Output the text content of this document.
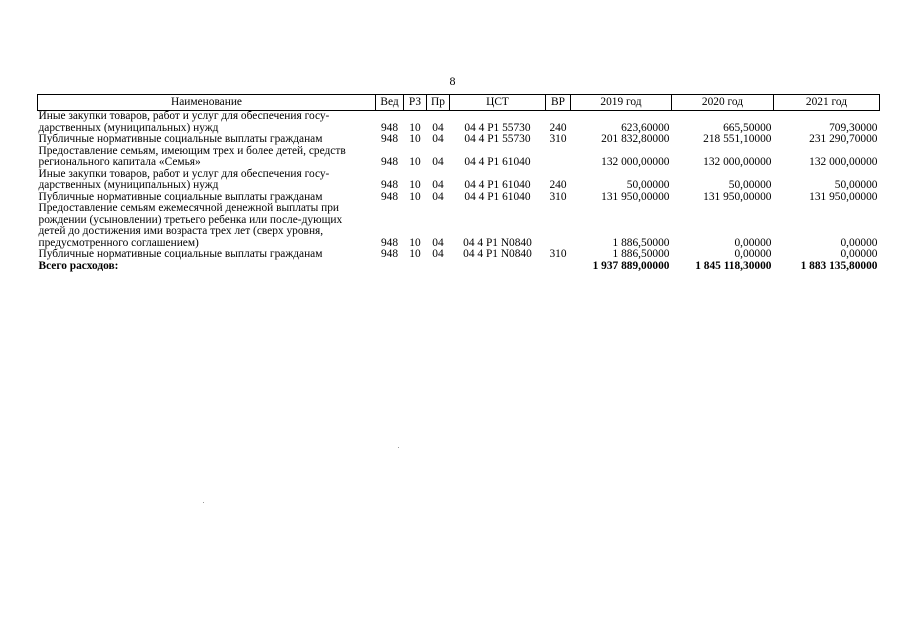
8
Наименование	Вед	РЗ	Пр	ЦСТ	ВР	2019 год	2020 год	2021 год
Иные закупки товаров, работ и услуг для обеспечения госу-дарственных (муниципальных) нужд	948	10	04	04 4 P1 55730	240	623,60000	665,50000	709,30000
Публичные нормативные социальные выплаты гражданам	948	10	04	04 4 P1 55730	310	201 832,80000	218 551,10000	231 290,70000
Предоставление семьям, имеющим трех и более детей, средств регионального капитала «Семья»	948	10	04	04 4 P1 61040		132 000,00000	132 000,00000	132 000,00000
Иные закупки товаров, работ и услуг для обеспечения госу-дарственных (муниципальных) нужд	948	10	04	04 4 P1 61040	240	50,00000	50,00000	50,00000
Публичные нормативные социальные выплаты гражданам	948	10	04	04 4 P1 61040	310	131 950,00000	131 950,00000	131 950,00000
Предоставление семьям ежемесячной денежной выплаты при рождении (усыновлении) третьего ребенка или после-дующих детей до достижения ими возраста трех лет (сверх уровня, предусмотренного соглашением)	948	10	04	04 4 P1 N0840		1 886,50000	0,00000	0,00000
Публичные нормативные социальные выплаты гражданам	948	10	04	04 4 P1 N0840	310	1 886,50000	0,00000	0,00000
Всего расходов:						1 937 889,00000	1 845 118,30000	1 883 135,80000
